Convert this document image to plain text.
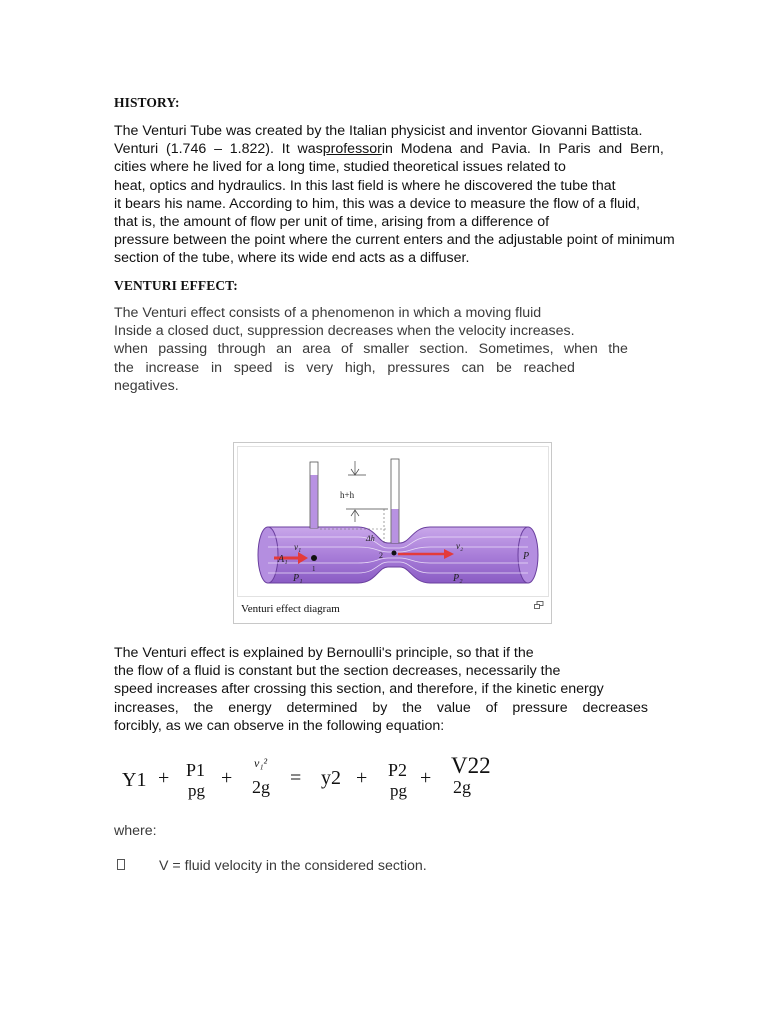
HISTORY:
The Venturi Tube was created by the Italian physicist and inventor Giovanni Battista.
Venturi (1.746 – 1.822). It wasprofessorin Modena and Pavia. In Paris and Bern,
cities where he lived for a long time, studied theoretical issues related to
heat, optics and hydraulics. In this last field is where he discovered the tube that
it bears his name. According to him, this was a device to measure the flow of a fluid,
that is, the amount of flow per unit of time, arising from a difference of
pressure between the point where the current enters and the adjustable point of minimum
section of the tube, where its wide end acts as a diffuser.
VENTURI EFFECT:
The Venturi effect consists of a phenomenon in which a moving fluid
Inside a closed duct, suppression decreases when the velocity increases.
when passing through an area of smaller section. Sometimes, when the
the increase in speed is very high, pressures can be reached
negatives.
h+h
Δh
A₁
v₁
P₁
1
2
v₂
P₂
P
Venturi effect diagram
The Venturi effect is explained by Bernoulli's principle, so that if the
the flow of a fluid is constant but the section decreases, necessarily the
speed increases after crossing this section, and therefore, if the kinetic energy
increases, the energy determined by the value of pressure decreases
forcibly, as we can observe in the following equation:
Y1 + P1
pg
+
v₁²
2g = y2 + P2
pg
+ V22
2g
where:
V = fluid velocity in the considered section.
